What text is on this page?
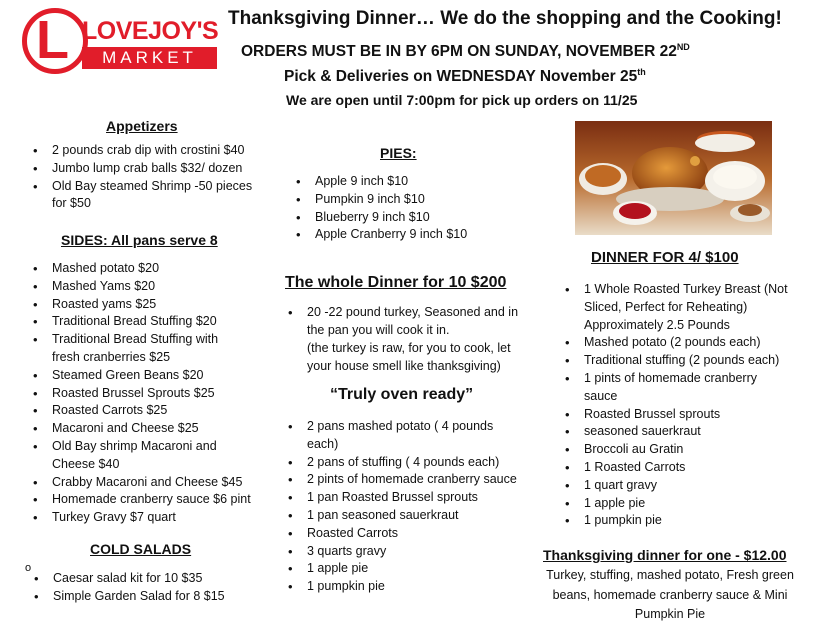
L LOVEJOY'S
MARKET
Thanksgiving Dinner… We do the shopping and the Cooking!
ORDERS MUST BE IN BY 6PM ON SUNDAY, NOVEMBER 22ND
Pick & Deliveries on WEDNESDAY November 25th
We are open until 7:00pm for pick up orders on 11/25
Appetizers
• 2 pounds crab dip with crostini $40
• Jumbo lump crab balls $32/ dozen
• Old Bay steamed Shrimp -50 pieces for $50
SIDES: All pans serve 8
• Mashed potato $20
• Mashed Yams $20
• Roasted yams $25
• Traditional Bread Stuffing $20
• Traditional Bread Stuffing with fresh cranberries $25
• Steamed Green Beans $20
• Roasted Brussel Sprouts $25
• Roasted Carrots $25
• Macaroni and Cheese $25
• Old Bay shrimp Macaroni and Cheese $40
• Crabby Macaroni and Cheese $45
• Homemade cranberry sauce $6 pint
• Turkey Gravy $7 quart
COLD SALADS
o
• Caesar salad kit for 10 $35
• Simple Garden Salad for 8 $15
PIES:
• Apple 9 inch $10
• Pumpkin 9 inch $10
• Blueberry 9 inch $10
• Apple Cranberry 9 inch $10
The whole Dinner for 10 $200
• 20 -22 pound turkey, Seasoned and in the pan you will cook it in.
(the turkey is raw, for you to cook, let your house smell like thanksgiving)
“Truly oven ready”
• 2 pans mashed potato ( 4 pounds each)
• 2 pans of stuffing ( 4 pounds each)
• 2 pints of homemade cranberry sauce
• 1 pan Roasted Brussel sprouts
• 1 pan seasoned sauerkraut
• Roasted Carrots
• 3 quarts gravy
• 1 apple pie
• 1 pumpkin pie
DINNER FOR 4/ $100
• 1 Whole Roasted Turkey Breast (Not Sliced, Perfect for Reheating) Approximately 2.5 Pounds
• Mashed potato (2 pounds each)
• Traditional stuffing (2 pounds each)
• 1 pints of homemade cranberry sauce
• Roasted Brussel sprouts
• seasoned sauerkraut
• Broccoli au Gratin
• 1 Roasted Carrots
• 1 quart gravy
• 1 apple pie
• 1 pumpkin pie
Thanksgiving dinner for one - $12.00
Turkey, stuffing, mashed potato, Fresh green beans, homemade cranberry sauce & Mini Pumpkin Pie
